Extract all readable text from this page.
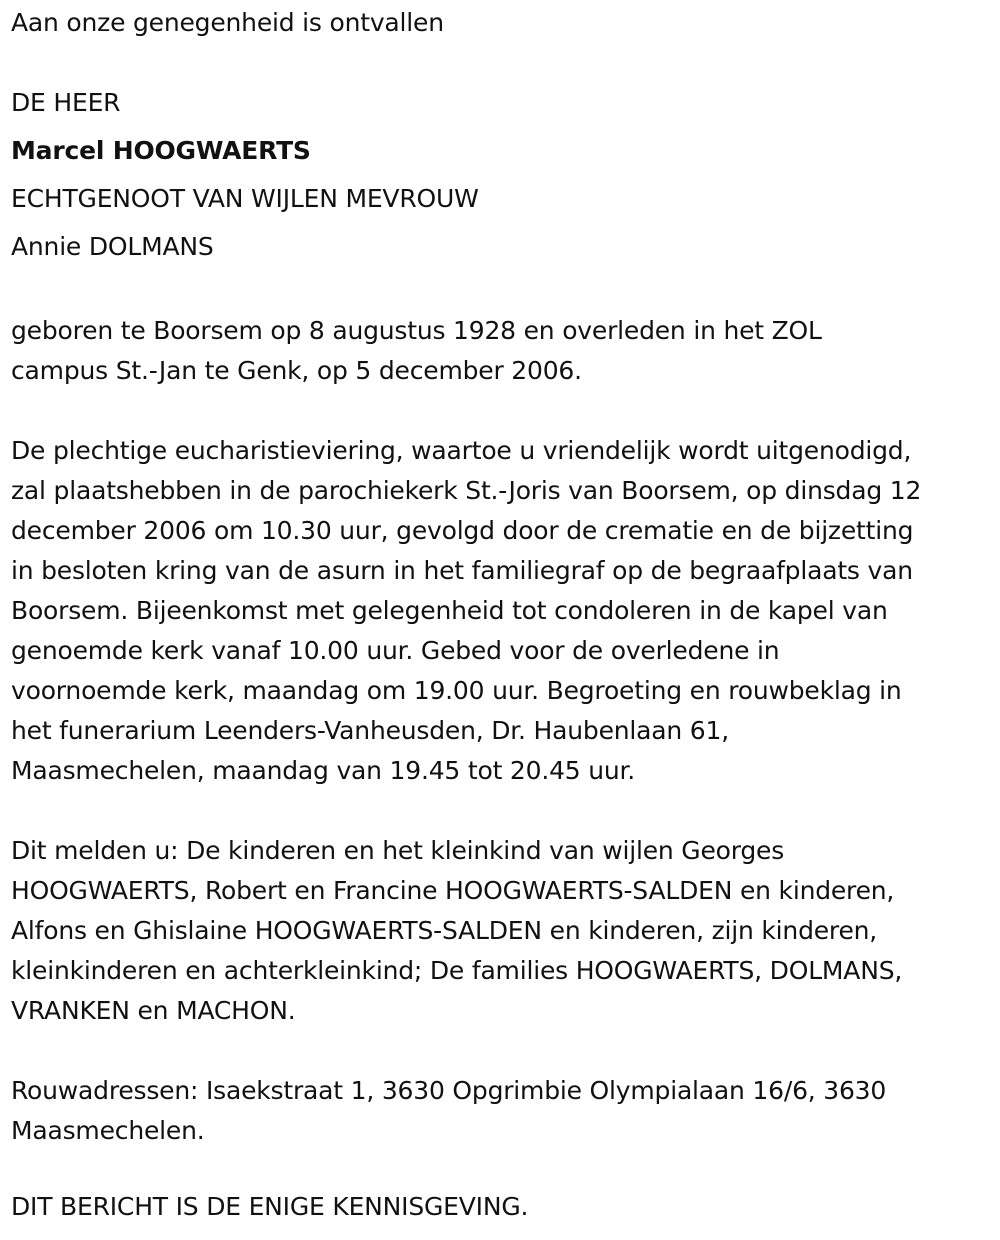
Aan onze genegenheid is ontvallen
DE HEER
Marcel HOOGWAERTS
ECHTGENOOT VAN WIJLEN MEVROUW
Annie DOLMANS
geboren te Boorsem op 8 augustus 1928 en overleden in het ZOL
campus St.-Jan te Genk, op 5 december 2006.
De plechtige eucharistieviering, waartoe u vriendelijk wordt uitgenodigd,
zal plaatshebben in de parochiekerk St.-Joris van Boorsem, op dinsdag 12
december 2006 om 10.30 uur, gevolgd door de crematie en de bijzetting
in besloten kring van de asurn in het familiegraf op de begraafplaats van
Boorsem. Bijeenkomst met gelegenheid tot condoleren in de kapel van
genoemde kerk vanaf 10.00 uur. Gebed voor de overledene in
voornoemde kerk, maandag om 19.00 uur. Begroeting en rouwbeklag in
het funerarium Leenders-Vanheusden, Dr. Haubenlaan 61,
Maasmechelen, maandag van 19.45 tot 20.45 uur.
Dit melden u: De kinderen en het kleinkind van wijlen Georges
HOOGWAERTS, Robert en Francine HOOGWAERTS-SALDEN en kinderen,
Alfons en Ghislaine HOOGWAERTS-SALDEN en kinderen, zijn kinderen,
kleinkinderen en achterkleinkind; De families HOOGWAERTS, DOLMANS,
VRANKEN en MACHON.
Rouwadressen: Isaekstraat 1, 3630 Opgrimbie Olympialaan 16/6, 3630
Maasmechelen.
DIT BERICHT IS DE ENIGE KENNISGEVING.
